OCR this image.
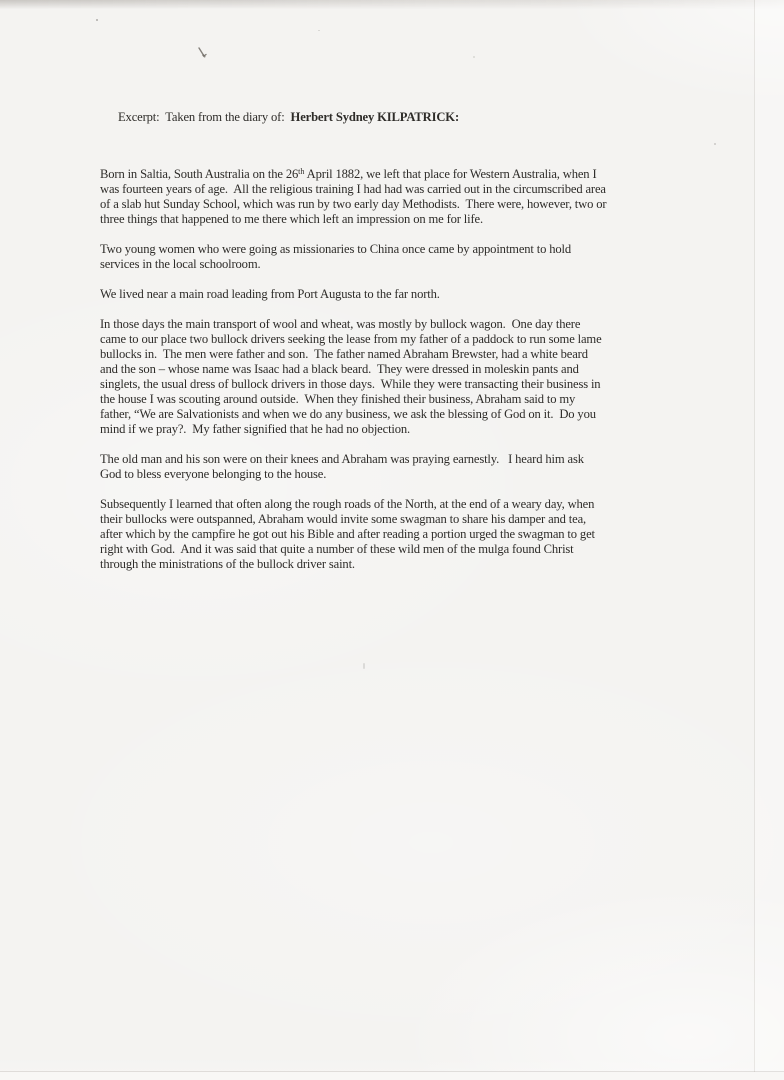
Excerpt:  Taken from the diary of:  Herbert Sydney KILPATRICK:

Born in Saltia, South Australia on the 26th April 1882, we left that place for Western Australia, when I
was fourteen years of age.  All the religious training I had had was carried out in the circumscribed area
of a slab hut Sunday School, which was run by two early day Methodists.  There were, however, two or
three things that happened to me there which left an impression on me for life.
Two young women who were going as missionaries to China once came by appointment to hold
services in the local schoolroom.
We lived near a main road leading from Port Augusta to the far north.
In those days the main transport of wool and wheat, was mostly by bullock wagon.  One day there
came to our place two bullock drivers seeking the lease from my father of a paddock to run some lame
bullocks in.  The men were father and son.  The father named Abraham Brewster, had a white beard
and the son – whose name was Isaac had a black beard.  They were dressed in moleskin pants and
singlets, the usual dress of bullock drivers in those days.  While they were transacting their business in
the house I was scouting around outside.  When they finished their business, Abraham said to my
father, “We are Salvationists and when we do any business, we ask the blessing of God on it.  Do you
mind if we pray?.  My father signified that he had no objection.
The old man and his son were on their knees and Abraham was praying earnestly.   I heard him ask
God to bless everyone belonging to the house.
Subsequently I learned that often along the rough roads of the North, at the end of a weary day, when
their bullocks were outspanned, Abraham would invite some swagman to share his damper and tea,
after which by the campfire he got out his Bible and after reading a portion urged the swagman to get
right with God.  And it was said that quite a number of these wild men of the mulga found Christ
through the ministrations of the bullock driver saint.
